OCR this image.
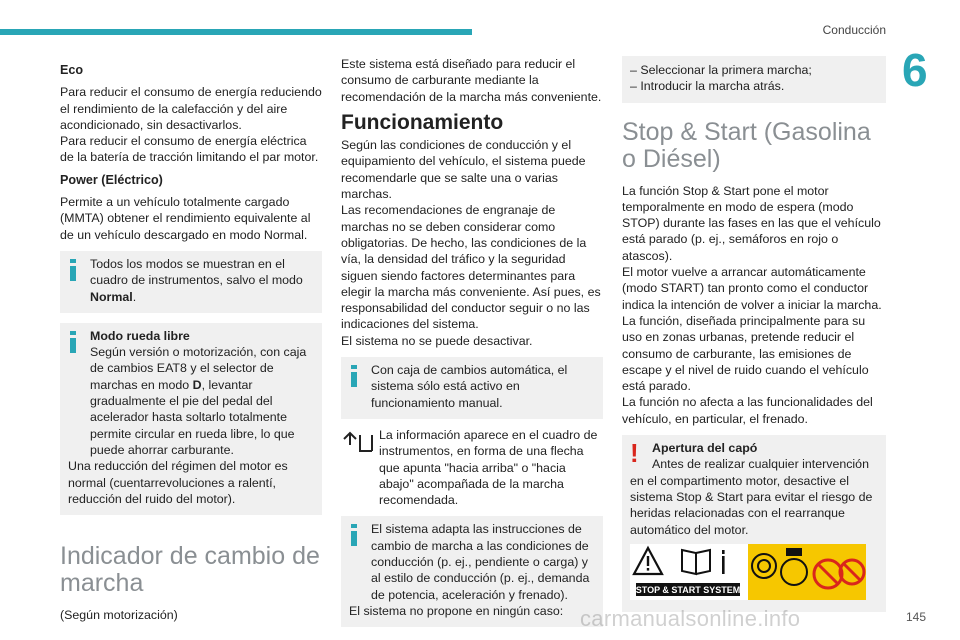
Conducción
6
Eco

Para reducir el consumo de energía reduciendo el rendimiento de la calefacción y del aire acondicionado, sin desactivarlos.

Para reducir el consumo de energía eléctrica de la batería de tracción limitando el par motor.

Power (Eléctrico)

Permite a un vehículo totalmente cargado (MMTA) obtener el rendimiento equivalente al de un vehículo descargado en modo Normal.

Todos los modos se muestran en el cuadro de instrumentos, salvo el modo Normal.

Modo rueda libre

Según versión o motorización, con caja de cambios EAT8 y el selector de marchas en modo D, levantar gradualmente el pie del pedal del acelerador hasta soltarlo totalmente permite circular en rueda libre, lo que puede ahorrar carburante.

Una reducción del régimen del motor es normal (cuentarrevoluciones a ralentí, reducción del ruido del motor).

Indicador de cambio de marcha

(Según motorización)

Este sistema está diseñado para reducir el consumo de carburante mediante la recomendación de la marcha más conveniente.

Funcionamiento

Según las condiciones de conducción y el equipamiento del vehículo, el sistema puede recomendarle que se salte una o varias marchas.

Las recomendaciones de engranaje de marchas no se deben considerar como obligatorias. De hecho, las condiciones de la vía, la densidad del tráfico y la seguridad siguen siendo factores determinantes para elegir la marcha más conveniente. Así pues, es responsabilidad del conductor seguir o no las indicaciones del sistema.

El sistema no se puede desactivar.

Con caja de cambios automática, el sistema sólo está activo en funcionamiento manual.

La información aparece en el cuadro de instrumentos, en forma de una flecha que apunta "hacia arriba" o "hacia abajo" acompañada de la marcha recomendada.

El sistema adapta las instrucciones de cambio de marcha a las condiciones de conducción (p. ej., pendiente o carga) y al estilo de conducción (p. ej., demanda de potencia, aceleración y frenado).

El sistema no propone en ningún caso:

– Seleccionar la primera marcha;

– Introducir la marcha atrás.

Stop & Start (Gasolina o Diésel)

La función Stop & Start pone el motor temporalmente en modo de espera (modo STOP) durante las fases en las que el vehículo está parado (p. ej., semáforos en rojo o atascos).

El motor vuelve a arrancar automáticamente (modo START) tan pronto como el conductor indica la intención de volver a iniciar la marcha.

La función, diseñada principalmente para su uso en zonas urbanas, pretende reducir el consumo de carburante, las emisiones de escape y el nivel de ruido cuando el vehículo está parado.

La función no afecta a las funcionalidades del vehículo, en particular, el frenado.

!	Apertura del capó

Antes de realizar cualquier intervención en el compartimento motor, desactive el sistema Stop & Start para evitar el riesgo de heridas relacionadas con el rearranque automático del motor.

STOP & START SYSTEM
carmanualsonline.info	145
